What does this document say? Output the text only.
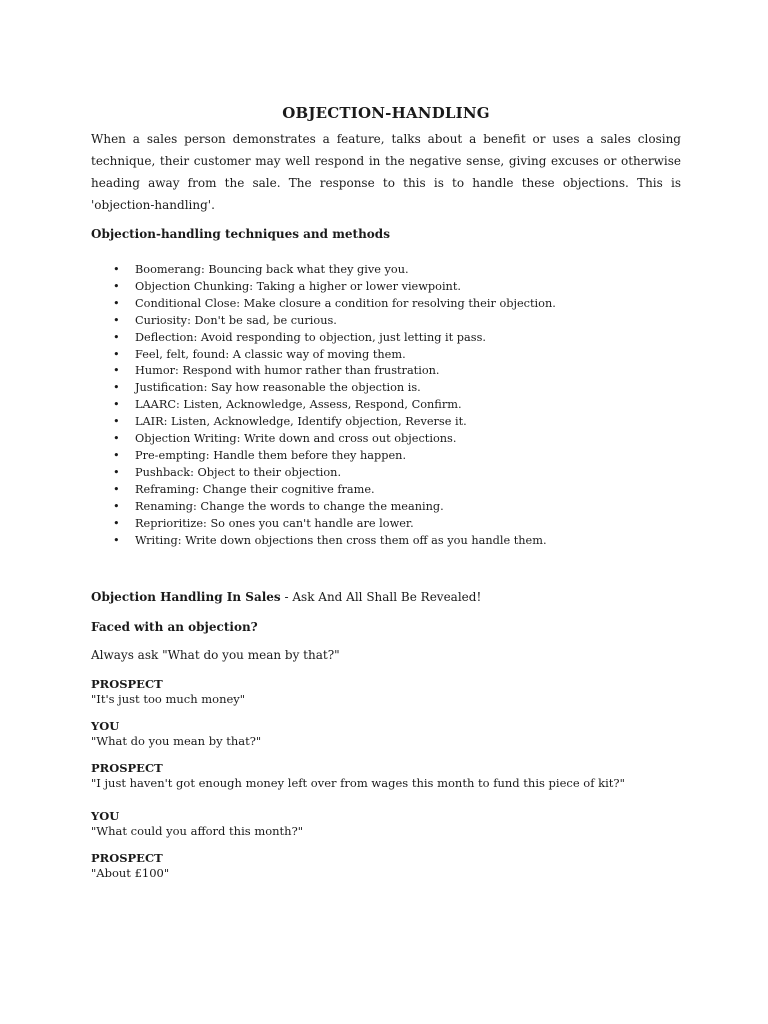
OBJECTION-HANDLING

When a sales person demonstrates a feature, talks about a benefit or uses a sales closing technique, their customer may well respond in the negative sense, giving excuses or otherwise heading away from the sale. The response to this is to handle these objections. This is 'objection-handling'.

Objection-handling techniques and methods
• Boomerang: Bouncing back what they give you.
• Objection Chunking: Taking a higher or lower viewpoint.
• Conditional Close: Make closure a condition for resolving their objection.
• Curiosity: Don't be sad, be curious.
• Deflection: Avoid responding to objection, just letting it pass.
• Feel, felt, found: A classic way of moving them.
• Humor: Respond with humor rather than frustration.
• Justification: Say how reasonable the objection is.
• LAARC: Listen, Acknowledge, Assess, Respond, Confirm.
• LAIR: Listen, Acknowledge, Identify objection, Reverse it.
• Objection Writing: Write down and cross out objections.
• Pre-empting: Handle them before they happen.
• Pushback: Object to their objection.
• Reframing: Change their cognitive frame.
• Renaming: Change the words to change the meaning.
• Reprioritize: So ones you can't handle are lower.
• Writing: Write down objections then cross them off as you handle them.
Objection Handling In Sales - Ask And All Shall Be Revealed!
Faced with an objection?
Always ask "What do you mean by that?"
PROSPECT
"It's just too much money"
YOU
"What do you mean by that?"
PROSPECT
"I just haven't got enough money left over from wages this month to fund this piece of kit?"
YOU
"What could you afford this month?"
PROSPECT
"About £100"
